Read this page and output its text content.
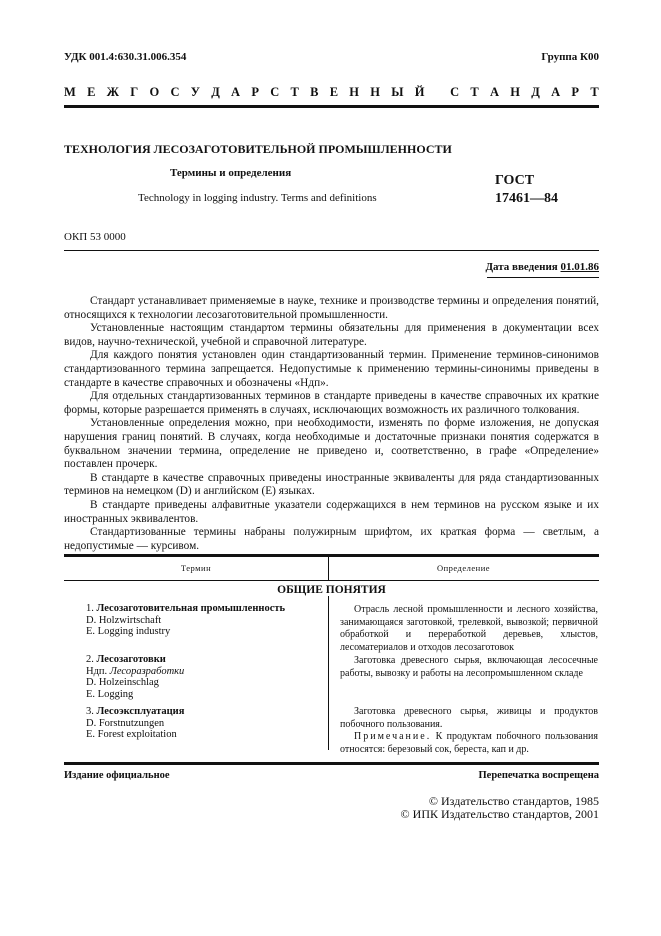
УДК 001.4:630.31.006.354	Группа К00
М Е Ж Г О С У Д А Р С Т В Е Н Н Ы Й
С Т А Н Д А Р Т
ТЕХНОЛОГИЯ ЛЕСОЗАГОТОВИТЕЛЬНОЙ ПРОМЫШЛЕННОСТИ
Термины и определения
Technology in logging industry. Terms and definitions
ГОСТ
17461—84
ОКП 53 0000
Дата введения 01.01.86

Стандарт устанавливает применяемые в науке, технике и производстве термины и определения понятий, относящихся к технологии лесозаготовительной промышленности.

Установленные настоящим стандартом термины обязательны для применения в документации всех видов, научно-технической, учебной и справочной литературе.

Для каждого понятия установлен один стандартизованный термин. Применение терминов-синонимов стандартизованного термина запрещается. Недопустимые к применению термины-синонимы приведены в стандарте в качестве справочных и обозначены «Ндп».

Для отдельных стандартизованных терминов в стандарте приведены в качестве справочных их краткие формы, которые разрешается применять в случаях, исключающих возможность их различного толкования.

Установленные определения можно, при необходимости, изменять по форме изложения, не допуская нарушения границ понятий. В случаях, когда необходимые и достаточные признаки понятия содержатся в буквальном значении термина, определение не приведено и, соответственно, в графе «Определение» поставлен прочерк.

В стандарте в качестве справочных приведены иностранные эквиваленты для ряда стандартизованных терминов на немецком (D) и английском (E) языках.

В стандарте приведены алфавитные указатели содержащихся в нем терминов на русском языке и их иностранных эквивалентов.

Стандартизованные термины набраны полужирным шрифтом, их краткая форма — светлым, а недопустимые — курсивом.

Термин	Определение
ОБЩИЕ ПОНЯТИЯ
1. Лесозаготовительная промышленность
D. Holzwirtschaft
E. Logging industry

Отрасль лесной промышленности и лесного хозяйства, занимающаяся заготовкой, трелевкой, вывозкой; первичной обработкой и переработкой деревьев, хлыстов, лесоматериалов и отходов лесозаготовок

2. Лесозаготовки
Ндп. Лесоразработки
D. Holzeinschlag
E. Logging

Заготовка древесного сырья, включающая лесосечные работы, вывозку и работы на лесопромышленном складе

3. Лесоэксплуатация
D. Forstnutzungen
E. Forest exploitation

Заготовка древесного сырья, живицы и продуктов побочного пользования.

Примечание. К продуктам побочного пользования относятся: березовый сок, береста, кап и др.

Издание официальное	Перепечатка воспрещена
© Издательство стандартов, 1985
© ИПК Издательство стандартов, 2001
